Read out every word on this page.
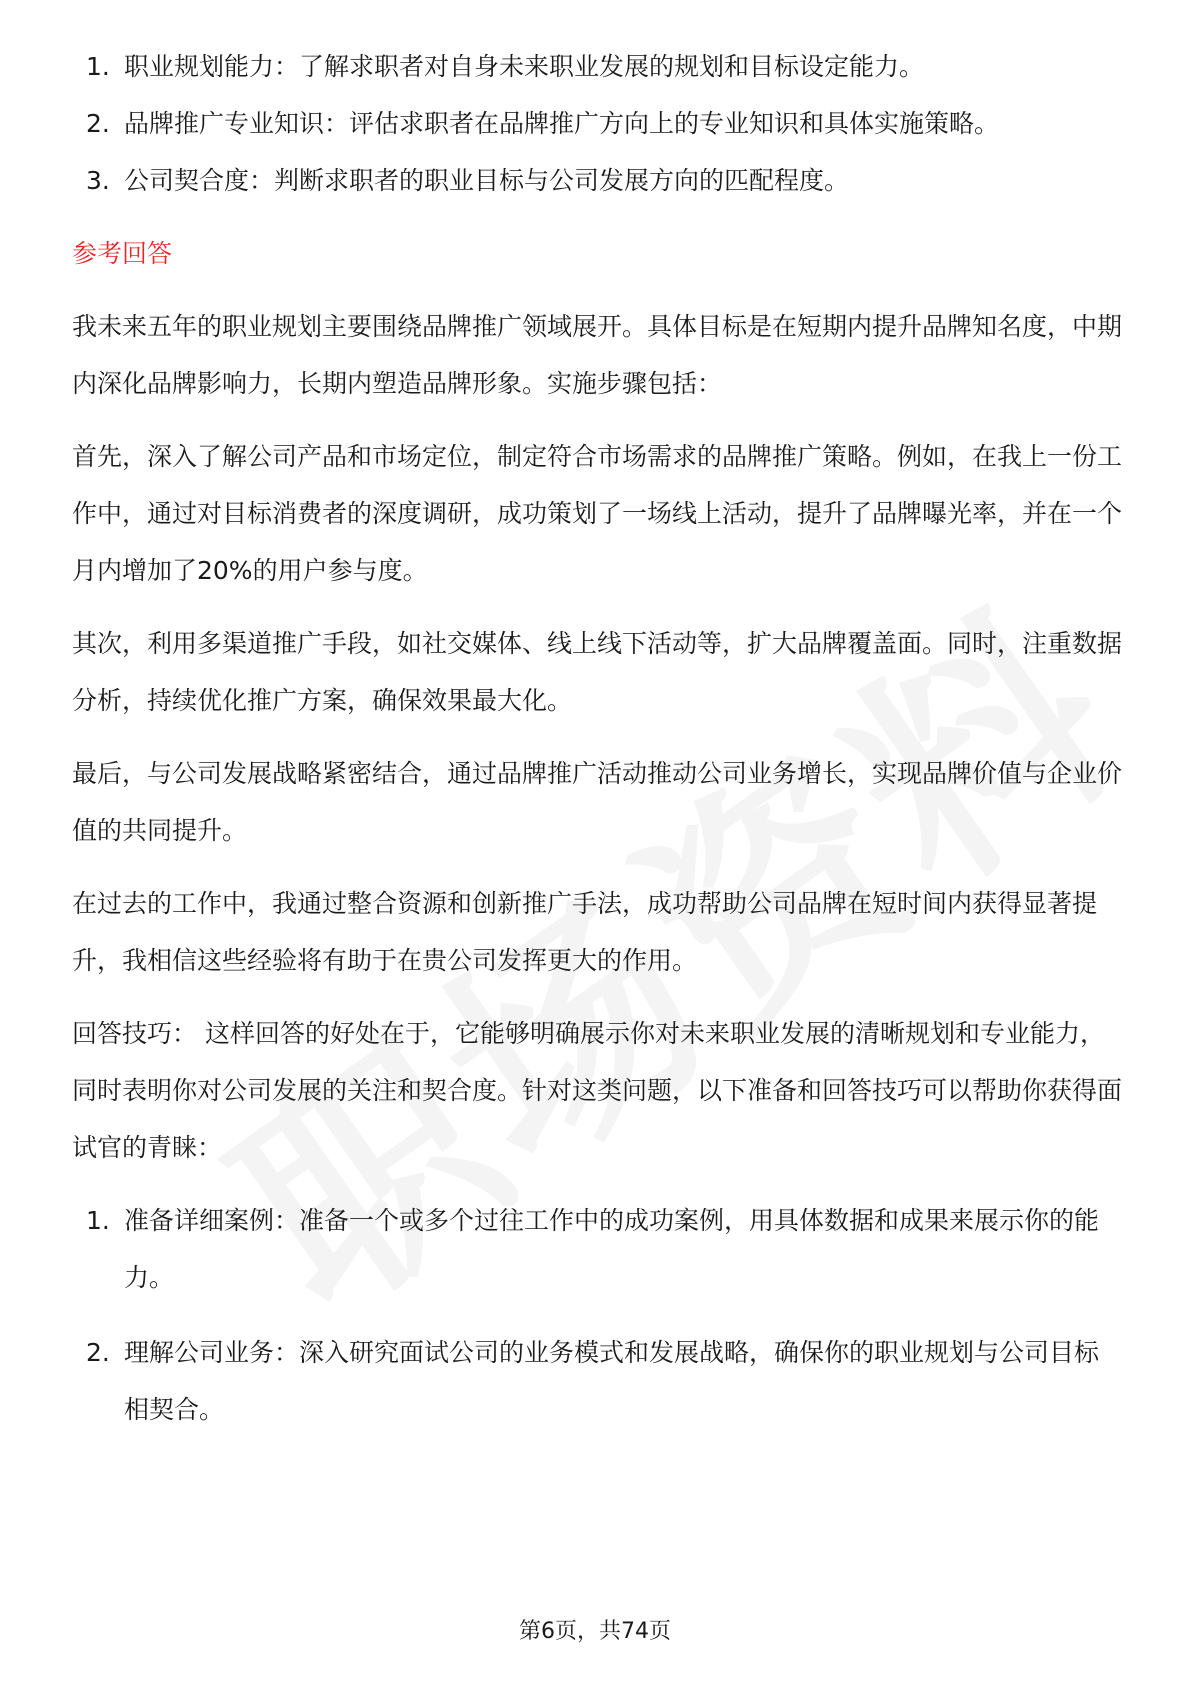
1. 职业规划能力：了解求职者对自身未来职业发展的规划和目标设定能力。
2. 品牌推广专业知识：评估求职者在品牌推广方向上的专业知识和具体实施策略。
3. 公司契合度：判断求职者的职业目标与公司发展方向的匹配程度。
参考回答

我未来五年的职业规划主要围绕品牌推广领域展开。具体目标是在短期内提升品牌知名度，中期内深化品牌影响力，长期内塑造品牌形象。实施步骤包括：

首先，深入了解公司产品和市场定位，制定符合市场需求的品牌推广策略。例如，在我上一份工作中，通过对目标消费者的深度调研，成功策划了一场线上活动，提升了品牌曝光率，并在一个月内增加了20%的用户参与度。

其次，利用多渠道推广手段，如社交媒体、线上线下活动等，扩大品牌覆盖面。同时，注重数据分析，持续优化推广方案，确保效果最大化。

最后，与公司发展战略紧密结合，通过品牌推广活动推动公司业务增长，实现品牌价值与企业价值的共同提升。

在过去的工作中，我通过整合资源和创新推广手法，成功帮助公司品牌在短时间内获得显著提升，我相信这些经验将有助于在贵公司发挥更大的作用。

回答技巧： 这样回答的好处在于，它能够明确展示你对未来职业发展的清晰规划和专业能力，同时表明你对公司发展的关注和契合度。针对这类问题，以下准备和回答技巧可以帮助你获得面试官的青睐：

1. 准备详细案例：准备一个或多个过往工作中的成功案例，用具体数据和成果来展示你的能力。
2. 理解公司业务：深入研究面试公司的业务模式和发展战略，确保你的职业规划与公司目标相契合。
第6页，共74页
